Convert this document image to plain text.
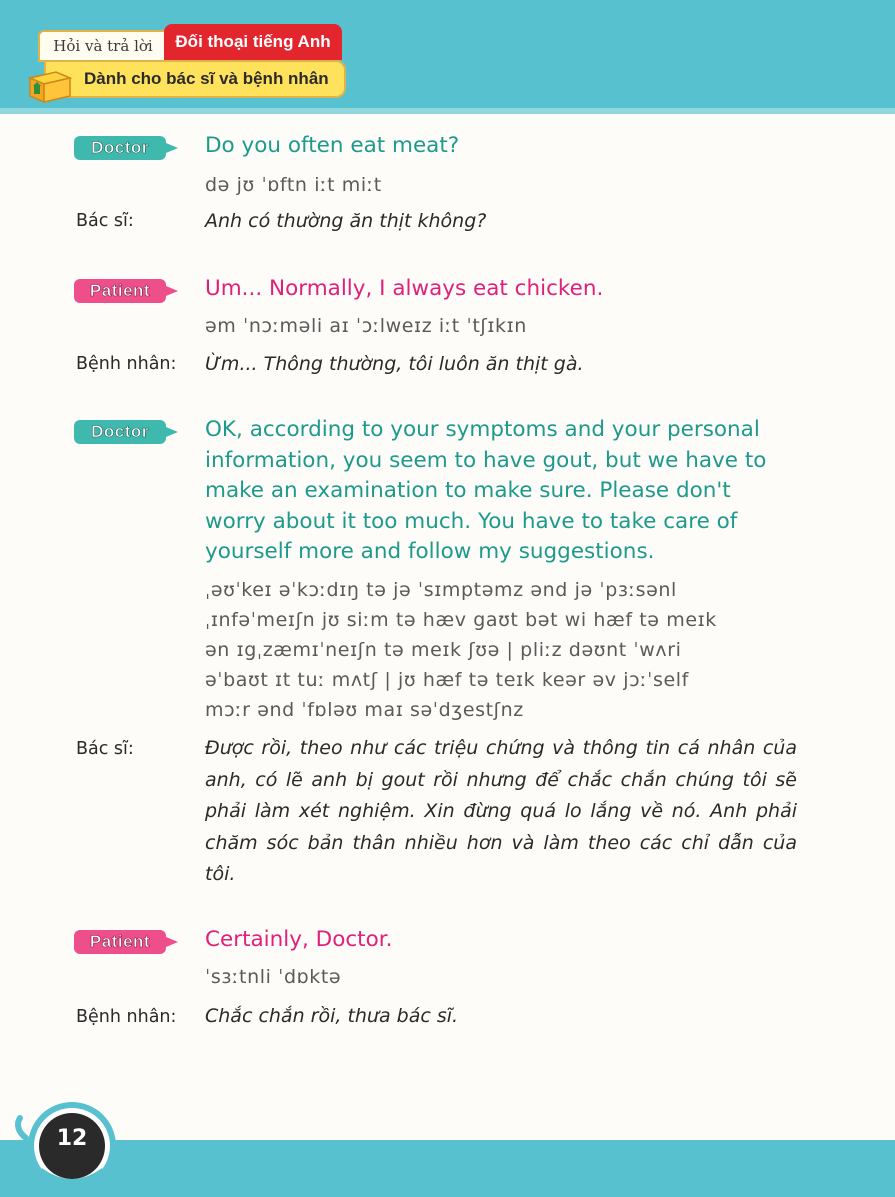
Hỏi và trả lời	Đối thoại tiếng Anh
Dành cho bác sĩ và bệnh nhân
Doctor	Do you often eat meat?
də jʊ ˈɒftn iːt miːt
Bác sĩ:	Anh có thường ăn thịt không?
Patient	Um... Normally, I always eat chicken.
əm ˈnɔːməli aɪ ˈɔːlweɪz iːt ˈtʃɪkɪn
Bệnh nhân: Ừm... Thông thường, tôi luôn ăn thịt gà.
Doctor	OK, according to your symptoms and your personal information, you seem to have gout, but we have to make an examination to make sure. Please don't worry about it too much. You have to take care of yourself more and follow my suggestions.
ˌəʊˈkeɪ əˈkɔːdɪŋ tə jə ˈsɪmptəmz ənd jə ˈpɜːsənl
ˌɪnfəˈmeɪʃn jʊ siːm tə hæv gaʊt bət wi hæf tə meɪk
ən ɪgˌzæmɪˈneɪʃn tə meɪk ʃʊə | pliːz dəʊnt ˈwʌri
əˈbaʊt ɪt tuː mʌtʃ | jʊ hæf tə teɪk keər əv jɔːˈself
mɔːr ənd ˈfɒləʊ maɪ səˈdʒestʃnz
Bác sĩ:	Được rồi, theo như các triệu chứng và thông tin cá nhân của anh, có lẽ anh bị gout rồi nhưng để chắc chắn chúng tôi sẽ phải làm xét nghiệm. Xin đừng quá lo lắng về nó. Anh phải chăm sóc bản thân nhiều hơn và làm theo các chỉ dẫn của tôi.
Patient	Certainly, Doctor.
ˈsɜːtnli ˈdɒktə
Bệnh nhân: Chắc chắn rồi, thưa bác sĩ.
12
